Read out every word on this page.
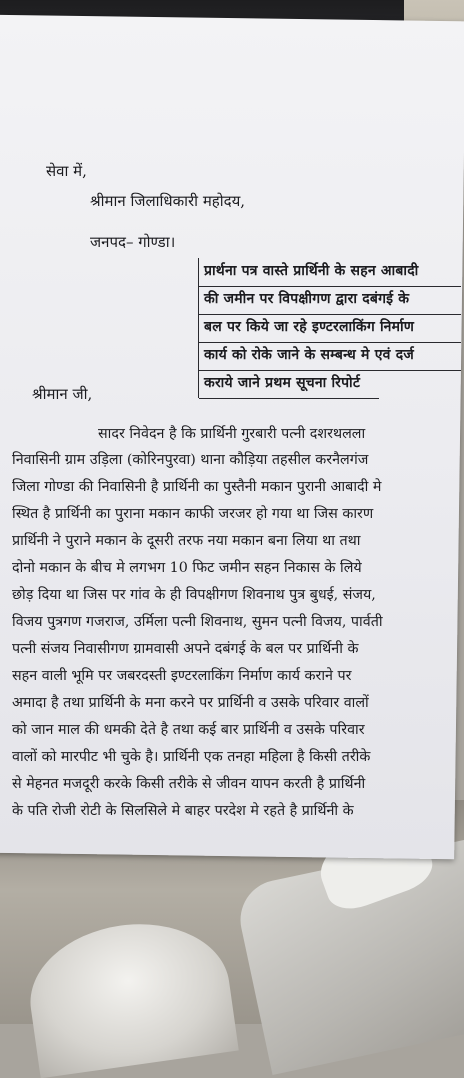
सेवा में,
श्रीमान जिलाधिकारी महोदय,
जनपद– गोण्डा।
प्रार्थना पत्र वास्ते प्रार्थिनी के सहन आबादी
की जमीन पर विपक्षीगण द्वारा दबंगई के
बल पर किये जा रहे इण्टरलाकिंग निर्माण
कार्य को रोके जाने के सम्बन्ध मे एवं दर्ज
कराये जाने प्रथम सूचना रिपोर्ट
श्रीमान जी,
सादर निवेदन है कि प्रार्थिनी गुरबारी पत्नी दशरथलला
निवासिनी ग्राम उड़िला (कोरिनपुरवा) थाना कौड़िया तहसील करनैलगंज
जिला गोण्डा की निवासिनी है प्रार्थिनी का पुस्तैनी मकान पुरानी आबादी मे
स्थित है प्रार्थिनी का पुराना मकान काफी जरजर हो गया था जिस कारण
प्रार्थिनी ने पुराने मकान के दूसरी तरफ नया मकान बना लिया था तथा
दोनो मकान के बीच मे लगभग 10 फिट जमीन सहन निकास के लिये
छोड़ दिया था जिस पर गांव के ही विपक्षीगण शिवनाथ पुत्र बुधई, संजय,
विजय पुत्रगण गजराज, उर्मिला पत्नी शिवनाथ, सुमन पत्नी विजय, पार्वती
पत्नी संजय निवासीगण ग्रामवासी अपने दबंगई के बल पर प्रार्थिनी के
सहन वाली भूमि पर जबरदस्ती इण्टरलाकिंग निर्माण कार्य कराने पर
अमादा है तथा प्रार्थिनी के मना करने पर प्रार्थिनी व उसके परिवार वालों
को जान माल की धमकी देते है तथा कई बार प्रार्थिनी व उसके परिवार
वालों को मारपीट भी चुके है। प्रार्थिनी एक तनहा महिला है किसी तरीके
से मेहनत मजदूरी करके किसी तरीके से जीवन यापन करती है प्रार्थिनी
के पति रोजी रोटी के सिलसिले मे बाहर परदेश मे रहते है प्रार्थिनी के
